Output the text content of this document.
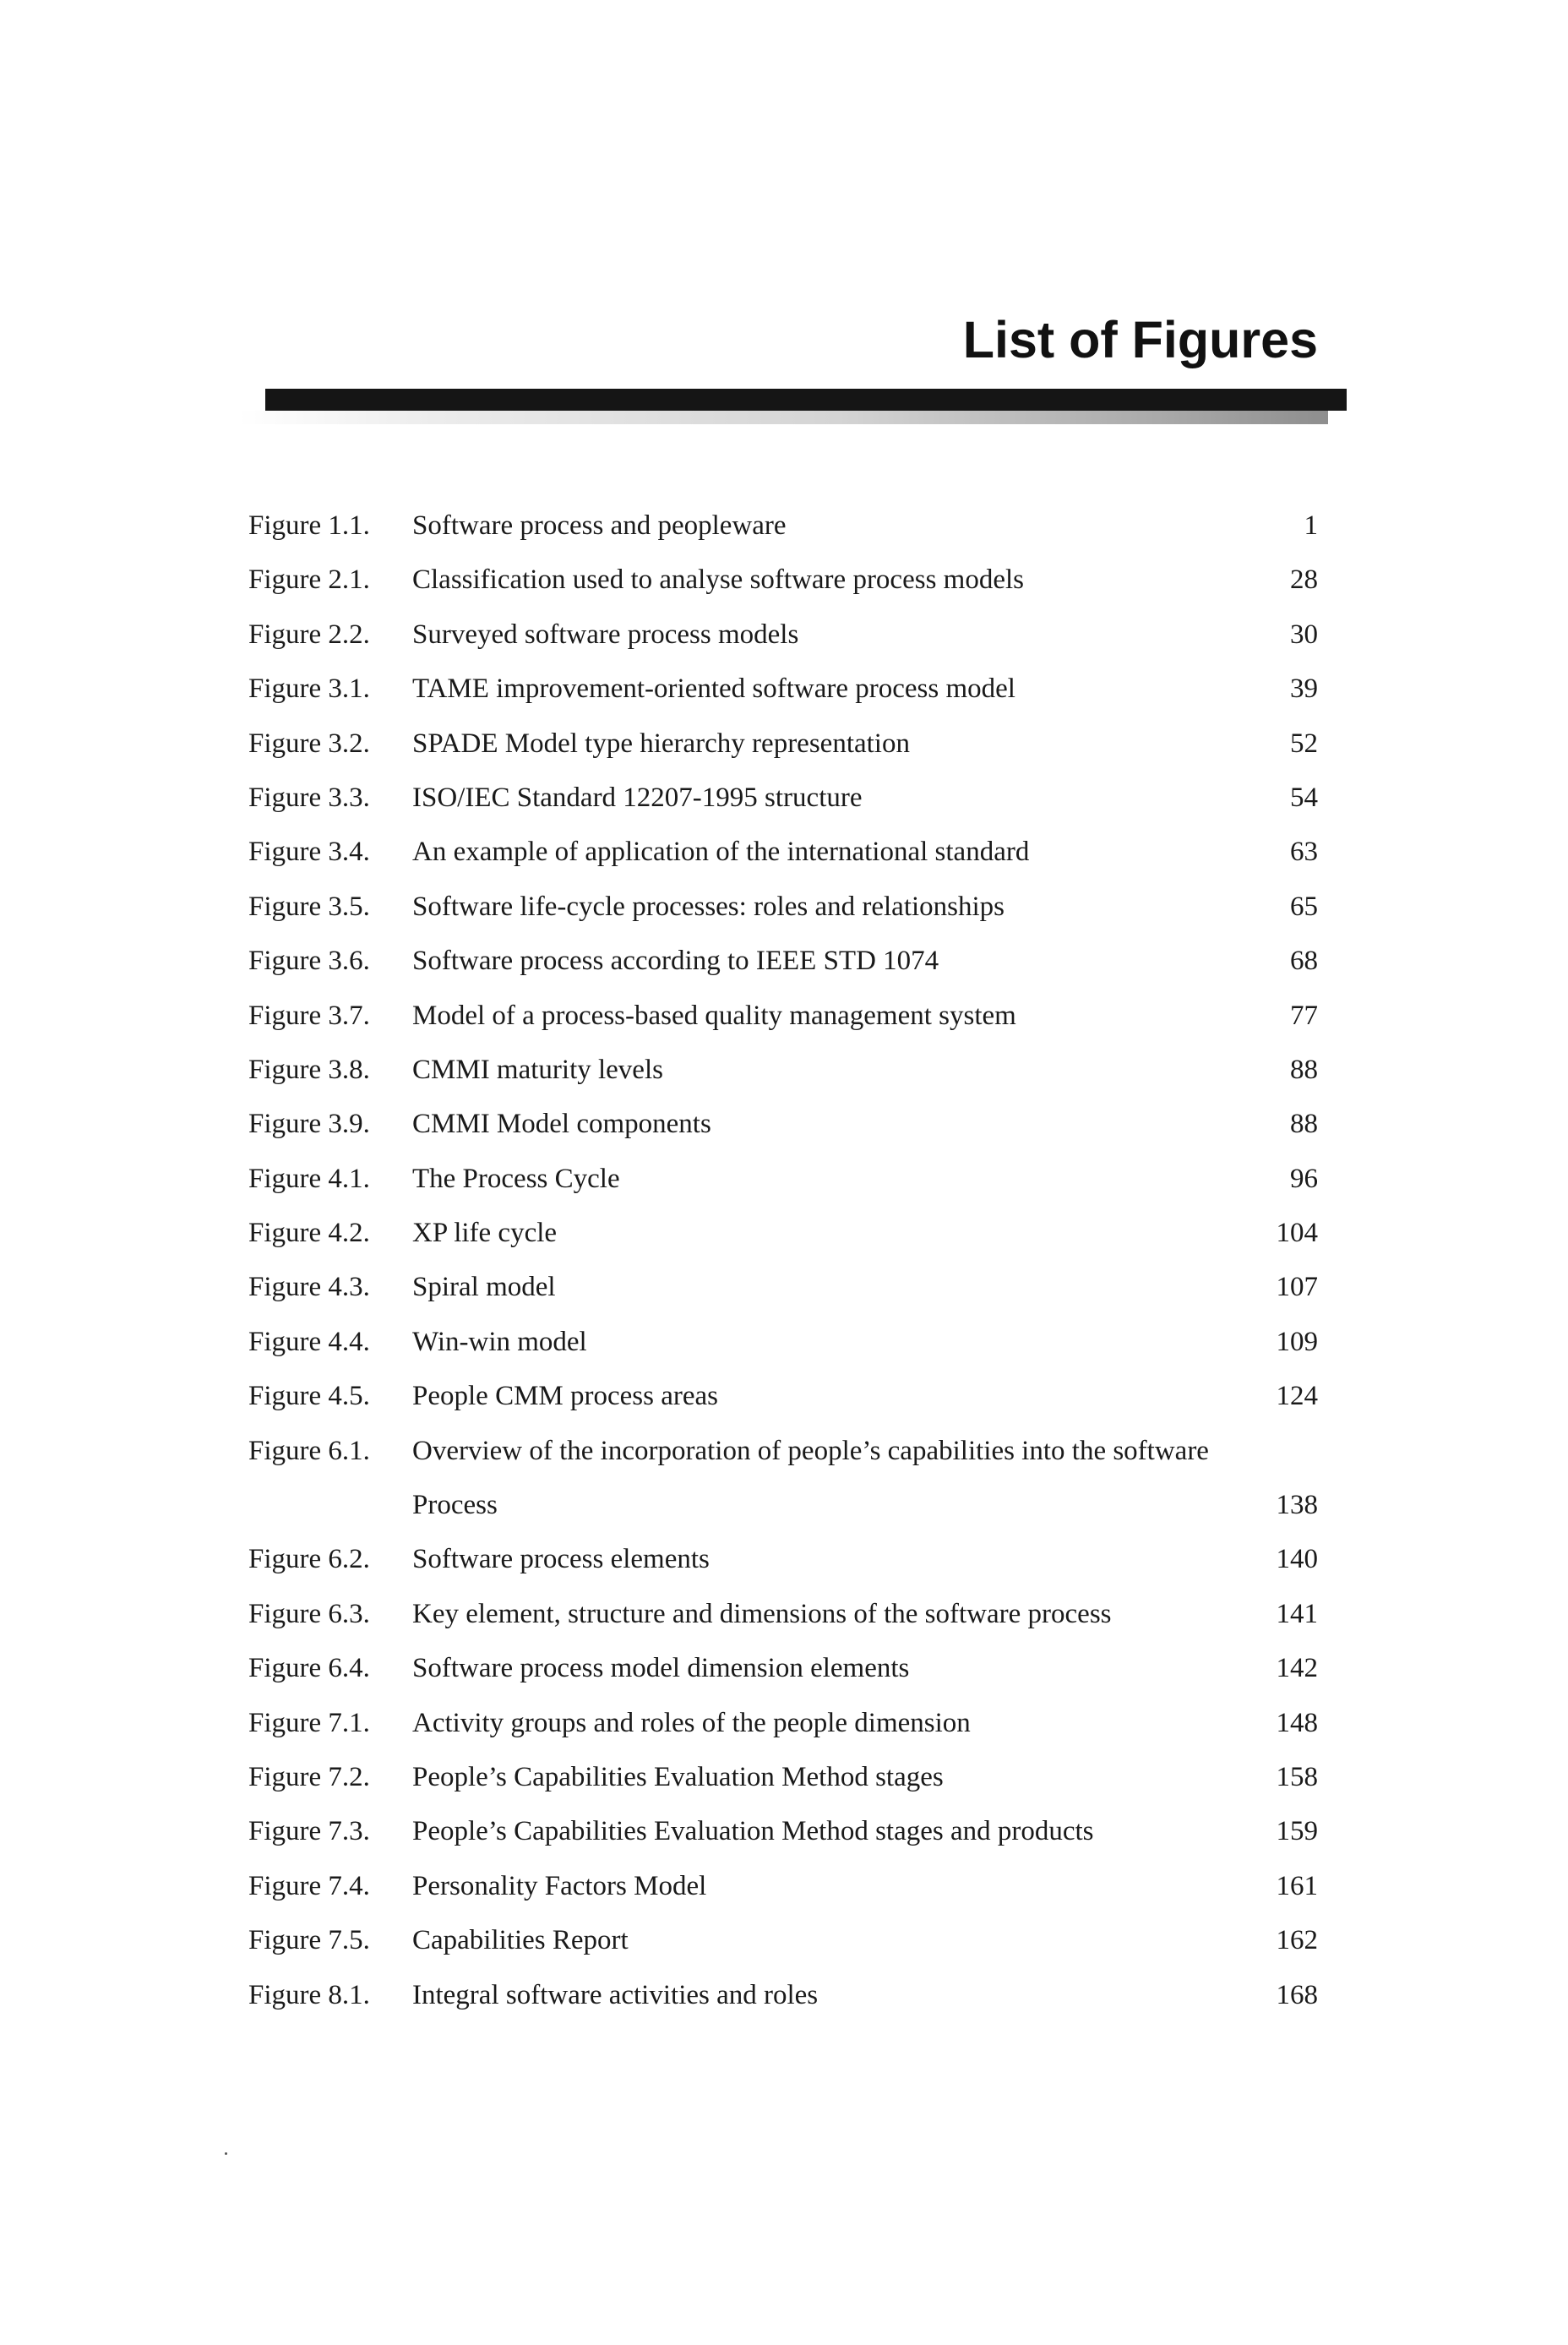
List of Figures
Figure 1.1. Software process and peopleware	1
Figure 2.1. Classification used to analyse software process models	28
Figure 2.2. Surveyed software process models	30
Figure 3.1. TAME improvement-oriented software process model	39
Figure 3.2. SPADE Model type hierarchy representation	52
Figure 3.3. ISO/IEC Standard 12207-1995 structure	54
Figure 3.4. An example of application of the international standard	63
Figure 3.5. Software life-cycle processes: roles and relationships	65
Figure 3.6. Software process according to IEEE STD 1074	68
Figure 3.7. Model of a process-based quality management system	77
Figure 3.8. CMMI maturity levels	88
Figure 3.9. CMMI Model components	88
Figure 4.1. The Process Cycle	96
Figure 4.2. XP life cycle	104
Figure 4.3. Spiral model	107
Figure 4.4. Win-win model	109
Figure 4.5. People CMM process areas	124
Figure 6.1. Overview of the incorporation of people’s capabilities into the software Process	138
Figure 6.2. Software process elements	140
Figure 6.3. Key element, structure and dimensions of the software process	141
Figure 6.4. Software process model dimension elements	142
Figure 7.1. Activity groups and roles of the people dimension	148
Figure 7.2. People’s Capabilities Evaluation Method stages	158
Figure 7.3. People’s Capabilities Evaluation Method stages and products	159
Figure 7.4. Personality Factors Model	161
Figure 7.5. Capabilities Report	162
Figure 8.1. Integral software activities and roles	168
